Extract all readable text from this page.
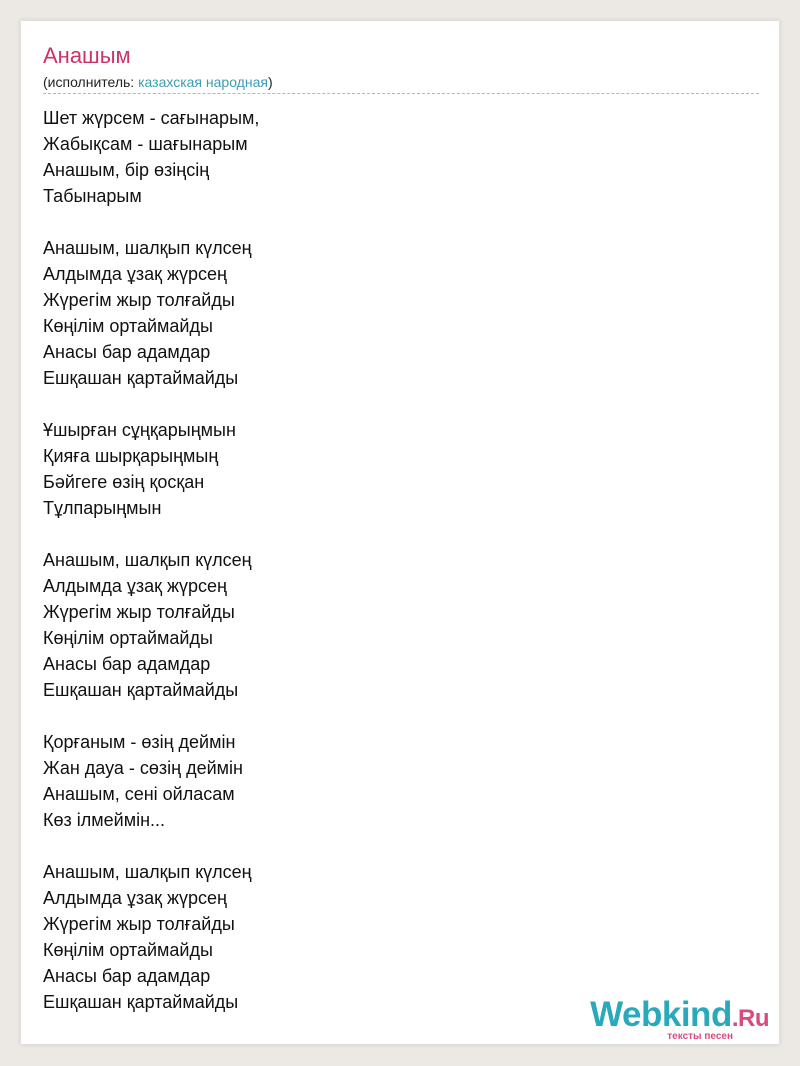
Анашым
(исполнитель: казахская народная)
Шет жүрсем - сағынарым,
Жабықсам - шағынарым
Анашым, бір өзіңсің
Табынарым
Анашым, шалқып күлсең
Алдымда ұзақ жүрсең
Жүрегім жыр толғайды
Көңілім ортаймайды
Анасы бар адамдар
Ешқашан қартаймайды
Ұшырған сұңқарыңмын
Қияға шырқарыңмың
Бәйгеге өзің қосқан
Тұлпарыңмын
Анашым, шалқып күлсең
Алдымда ұзақ жүрсең
Жүрегім жыр толғайды
Көңілім ортаймайды
Анасы бар адамдар
Ешқашан қартаймайды
Қорғаным - өзің деймін
Жан дауа - сөзің деймін
Анашым, сені ойласам
Көз ілмеймін...
Анашым, шалқып күлсең
Алдымда ұзақ жүрсең
Жүрегім жыр толғайды
Көңілім ортаймайды
Анасы бар адамдар
Ешқашан қартаймайды	Webkind.Ru
тексты песен
